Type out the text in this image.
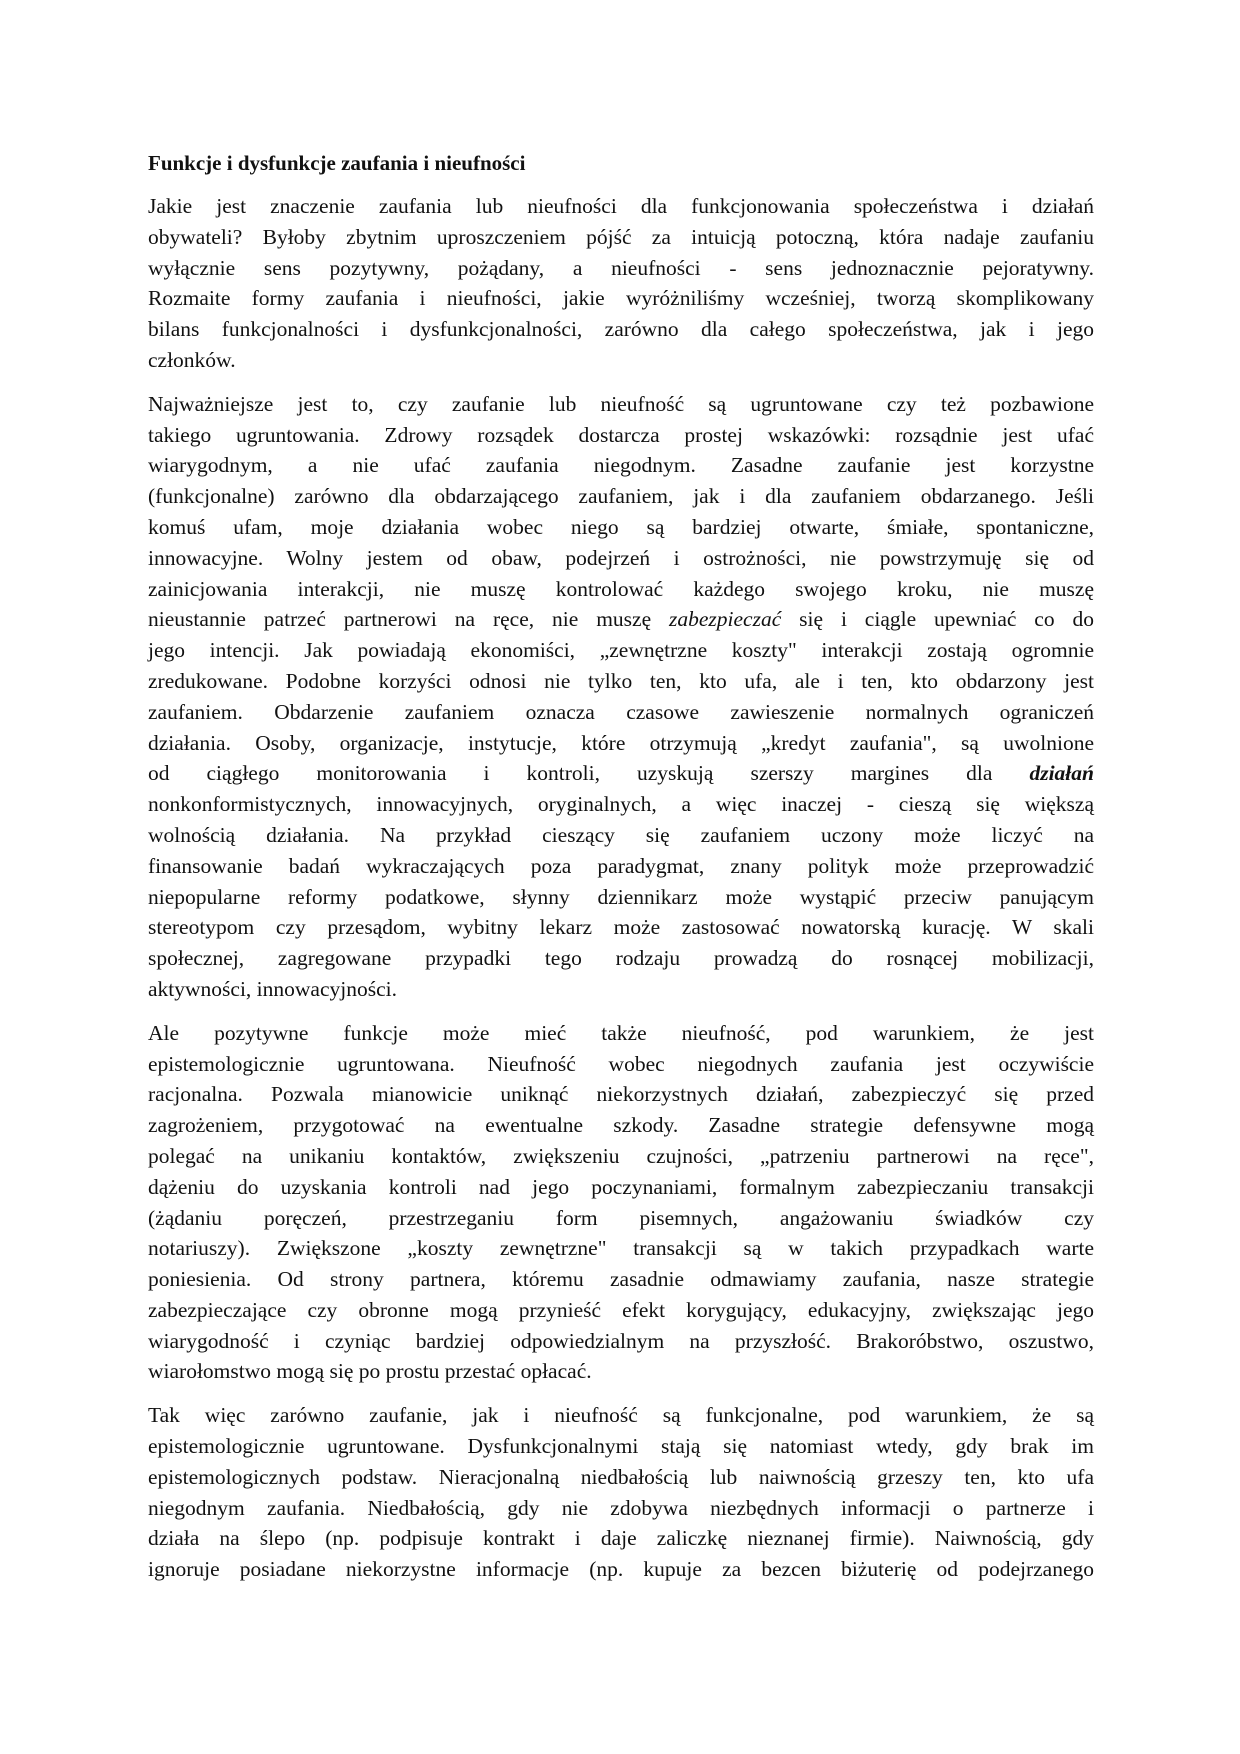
Funkcje i dysfunkcje zaufania i nieufności
Jakie jest znaczenie zaufania lub nieufności dla funkcjonowania społeczeństwa i działań
obywateli? Byłoby zbytnim uproszczeniem pójść za intuicją potoczną, która nadaje zaufaniu
wyłącznie sens pozytywny, pożądany, a nieufności - sens jednoznacznie pejoratywny.
Rozmaite formy zaufania i nieufności, jakie wyróżniliśmy wcześniej, tworzą skomplikowany
bilans funkcjonalności i dysfunkcjonalności, zarówno dla całego społeczeństwa, jak i jego
członków.
Najważniejsze jest to, czy zaufanie lub nieufność są ugruntowane czy też pozbawione
takiego ugruntowania. Zdrowy rozsądek dostarcza prostej wskazówki: rozsądnie jest ufać
wiarygodnym, a nie ufać zaufania niegodnym. Zasadne zaufanie jest korzystne
(funkcjonalne) zarówno dla obdarzającego zaufaniem, jak i dla zaufaniem obdarzanego. Jeśli
komuś ufam, moje działania wobec niego są bardziej otwarte, śmiałe, spontaniczne,
innowacyjne. Wolny jestem od obaw, podejrzeń i ostrożności, nie powstrzymuję się od
zainicjowania interakcji, nie muszę kontrolować każdego swojego kroku, nie muszę
nieustannie patrzeć partnerowi na ręce, nie muszę zabezpieczać się i ciągle upewniać co do
jego intencji. Jak powiadają ekonomiści, „zewnętrzne koszty" interakcji zostają ogromnie
zredukowane. Podobne korzyści odnosi nie tylko ten, kto ufa, ale i ten, kto obdarzony jest
zaufaniem. Obdarzenie zaufaniem oznacza czasowe zawieszenie normalnych ograniczeń
działania. Osoby, organizacje, instytucje, które otrzymują „kredyt zaufania", są uwolnione
od ciągłego monitorowania i kontroli, uzyskują szerszy margines dla działań
nonkonformistycznych, innowacyjnych, oryginalnych, a więc inaczej - cieszą się większą
wolnością działania. Na przykład cieszący się zaufaniem uczony może liczyć na
finansowanie badań wykraczających poza paradygmat, znany polityk może przeprowadzić
niepopularne reformy podatkowe, słynny dziennikarz może wystąpić przeciw panującym
stereotypom czy przesądom, wybitny lekarz może zastosować nowatorską kurację. W skali
społecznej, zagregowane przypadki tego rodzaju prowadzą do rosnącej mobilizacji,
aktywności, innowacyjności.
Ale pozytywne funkcje może mieć także nieufność, pod warunkiem, że jest
epistemologicznie ugruntowana. Nieufność wobec niegodnych zaufania jest oczywiście
racjonalna. Pozwala mianowicie uniknąć niekorzystnych działań, zabezpieczyć się przed
zagrożeniem, przygotować na ewentualne szkody. Zasadne strategie defensywne mogą
polegać na unikaniu kontaktów, zwiększeniu czujności, „patrzeniu partnerowi na ręce",
dążeniu do uzyskania kontroli nad jego poczynaniami, formalnym zabezpieczaniu transakcji
(żądaniu poręczeń, przestrzeganiu form pisemnych, angażowaniu świadków czy
notariuszy). Zwiększone „koszty zewnętrzne" transakcji są w takich przypadkach warte
poniesienia. Od strony partnera, któremu zasadnie odmawiamy zaufania, nasze strategie
zabezpieczające czy obronne mogą przynieść efekt korygujący, edukacyjny, zwiększając jego
wiarygodność i czyniąc bardziej odpowiedzialnym na przyszłość. Brakoróbstwo, oszustwo,
wiarołomstwo mogą się po prostu przestać opłacać.
Tak więc zarówno zaufanie, jak i nieufność są funkcjonalne, pod warunkiem, że są
epistemologicznie ugruntowane. Dysfunkcjonalnymi stają się natomiast wtedy, gdy brak im
epistemologicznych podstaw. Nieracjonalną niedbałością lub naiwnością grzeszy ten, kto ufa
niegodnym zaufania. Niedbałością, gdy nie zdobywa niezbędnych informacji o partnerze i
działa na ślepo (np. podpisuje kontrakt i daje zaliczkę nieznanej firmie). Naiwnością, gdy
ignoruje posiadane niekorzystne informacje (np. kupuje za bezcen biżuterię od podejrzanego
